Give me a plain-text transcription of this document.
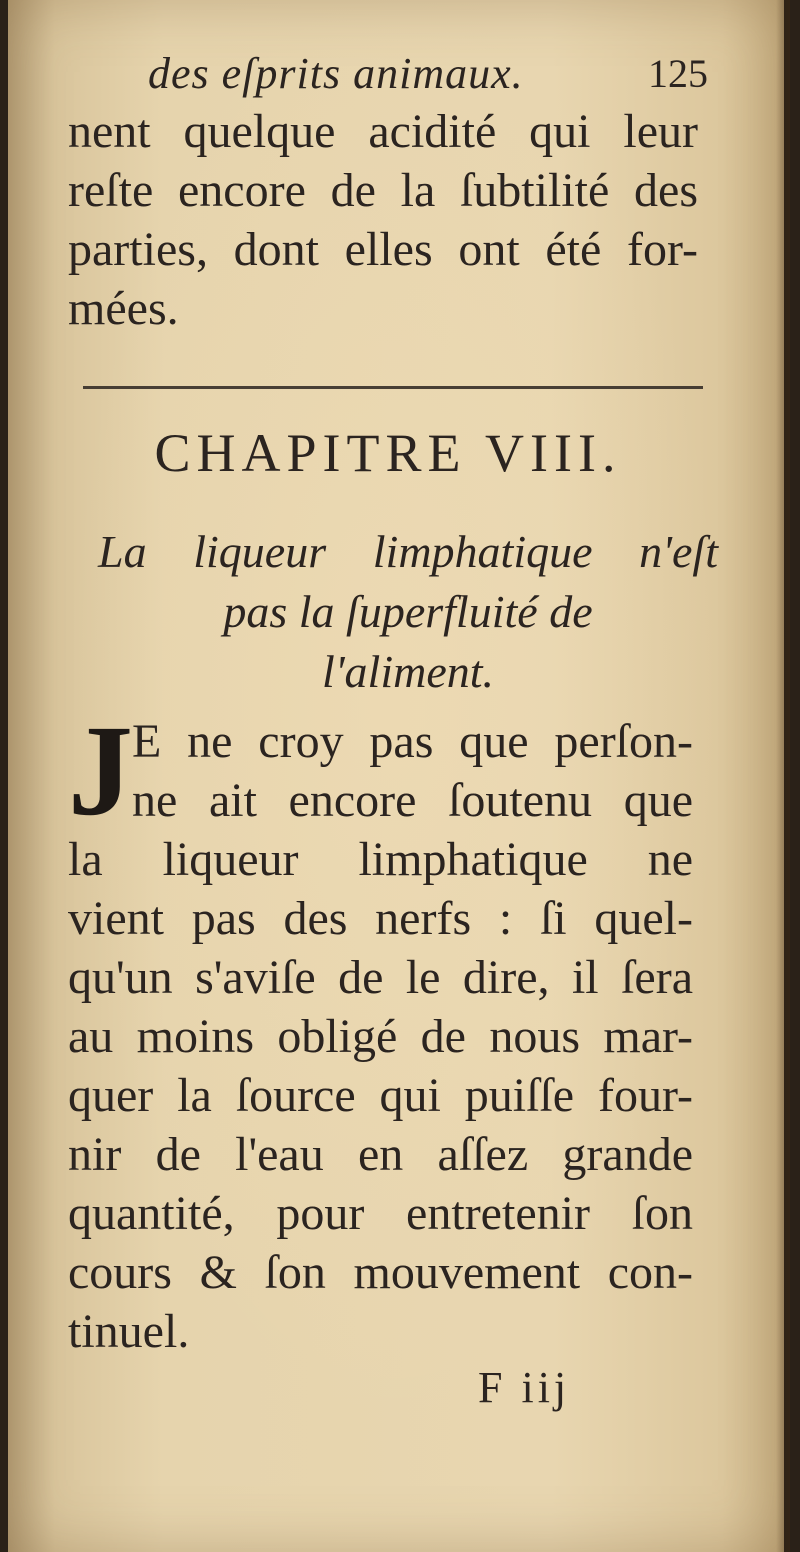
des eſprits animaux.	125
nent quelque acidité qui leur
reſte encore de la ſubtilité des
parties, dont elles ont été for-
mées.
CHAPITRE VIII.
La liqueur limphatique n'eſt
pas la ſuperfluité de
l'aliment.
J E ne croy pas que perſon-
ne ait encore ſoutenu que
la liqueur limphatique ne
vient pas des nerfs : ſi quel-
qu'un s'aviſe de le dire, il ſera
au moins obligé de nous mar-
quer la ſource qui puiſſe four-
nir de l'eau en aſſez grande
quantité, pour entretenir ſon
cours & ſon mouvement con-
tinuel.
F iij
